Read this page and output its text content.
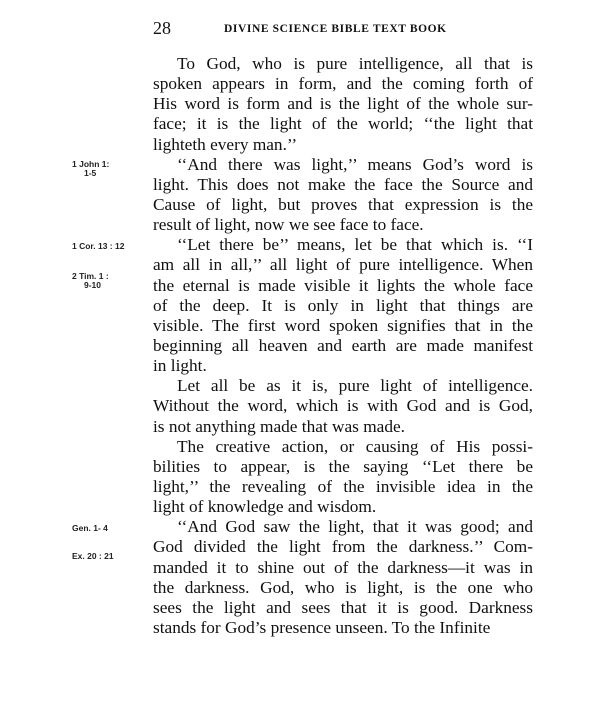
28	DIVINE SCIENCE BIBLE TEXT BOOK
1 John 1:
1-5
1 Cor. 13 : 12
2 Tim. 1 :
9-10
Gen. 1- 4
Ex. 20 : 21
To God, who is pure intelligence, all that is
spoken appears in form, and the coming forth of
His word is form and is the light of the whole sur-
face; it is the light of the world; ‘‘the light that
lighteth every man.’’
‘‘And there was light,’’ means God’s word is
light. This does not make the face the Source and
Cause of light, but proves that expression is the
result of light, now we see face to face.
‘‘Let there be’’ means, let be that which is. ‘‘I
am all in all,’’ all light of pure intelligence. When
the eternal is made visible it lights the whole face
of the deep. It is only in light that things are
visible. The first word spoken signifies that in the
beginning all heaven and earth are made manifest
in light.
Let all be as it is, pure light of intelligence.
Without the word, which is with God and is God,
is not anything made that was made.
The creative action, or causing of His possi-
bilities to appear, is the saying ‘‘Let there be
light,’’ the revealing of the invisible idea in the
light of knowledge and wisdom.
‘‘And God saw the light, that it was good; and
God divided the light from the darkness.’’ Com-
manded it to shine out of the darkness—it was in
the darkness. God, who is light, is the one who
sees the light and sees that it is good. Darkness
stands for God’s presence unseen. To the Infinite
